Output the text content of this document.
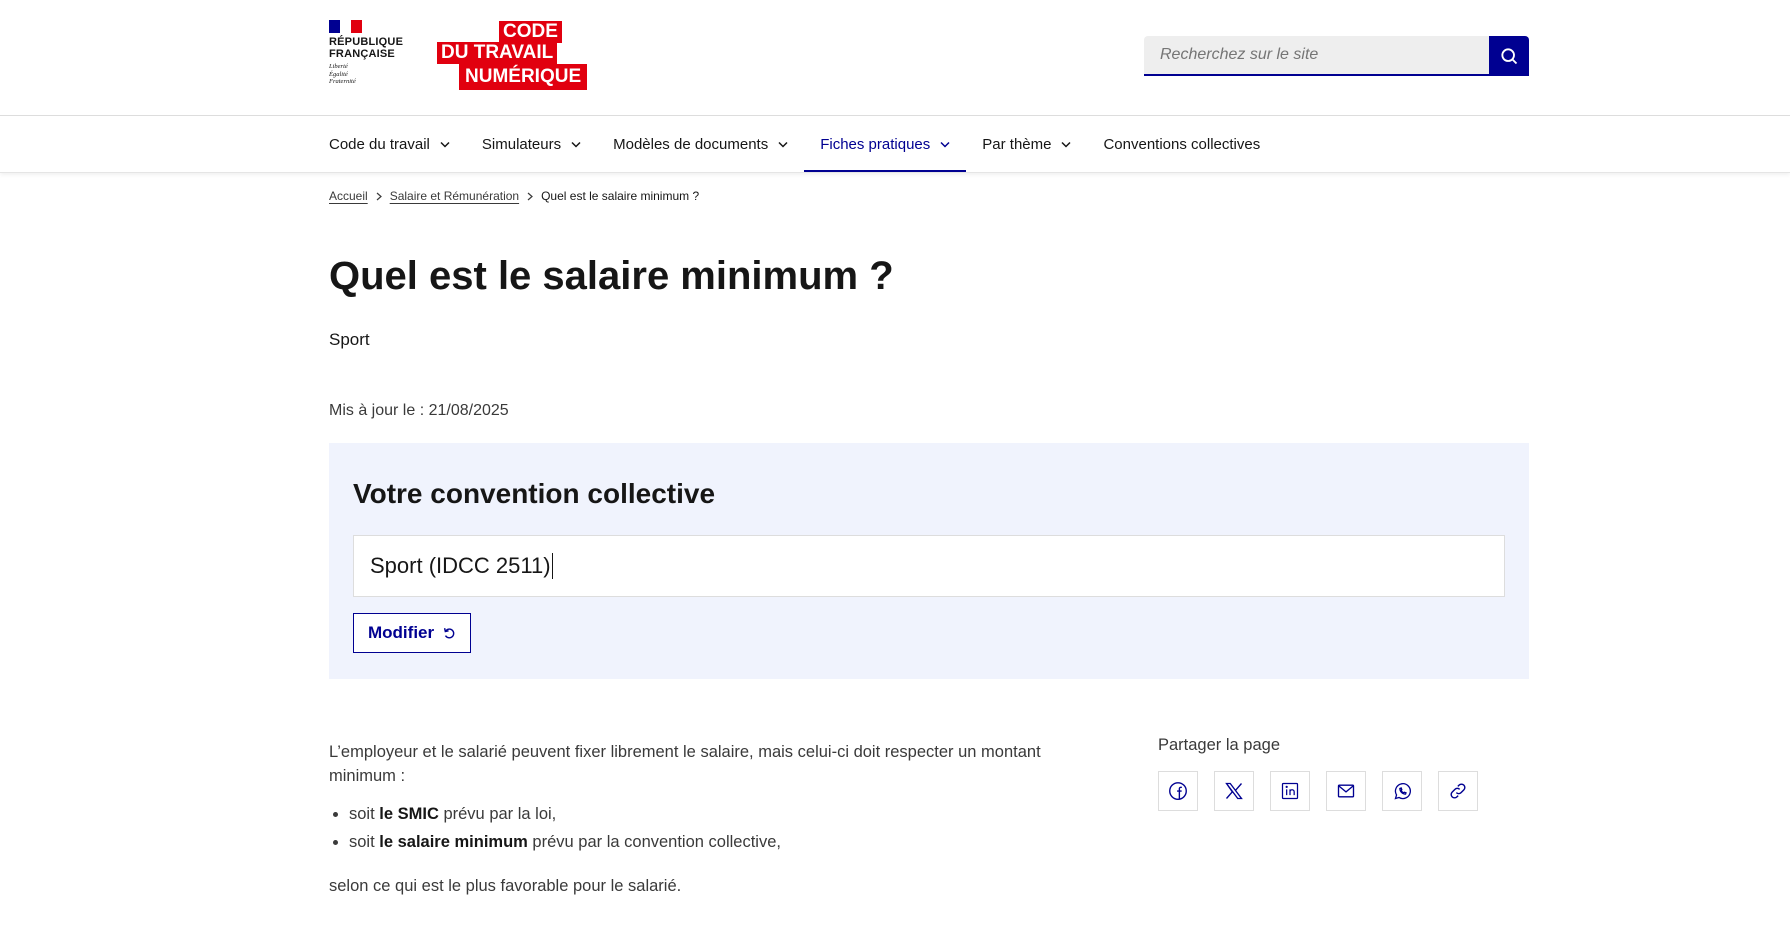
RÉPUBLIQUE
FRANÇAISE
Liberté
Égalité
Fraternité
CODE
DU TRAVAIL
NUMÉRIQUE
Recherchez sur le site
Code du travail	Simulateurs	Modèles de documents	Fiches pratiques	Par thème	Conventions collectives
Accueil Salaire et Rémunération Quel est le salaire minimum ?
Quel est le salaire minimum ?
Sport
Mis à jour le : 21/08/2025
Votre convention collective
Sport (IDCC 2511)
Modifier

L’employeur et le salarié peuvent fixer librement le salaire, mais celui-ci doit respecter un montant minimum :

• soit le SMIC prévu par la loi,
• soit le salaire minimum prévu par la convention collective,

selon ce qui est le plus favorable pour le salarié.

Partager la page
